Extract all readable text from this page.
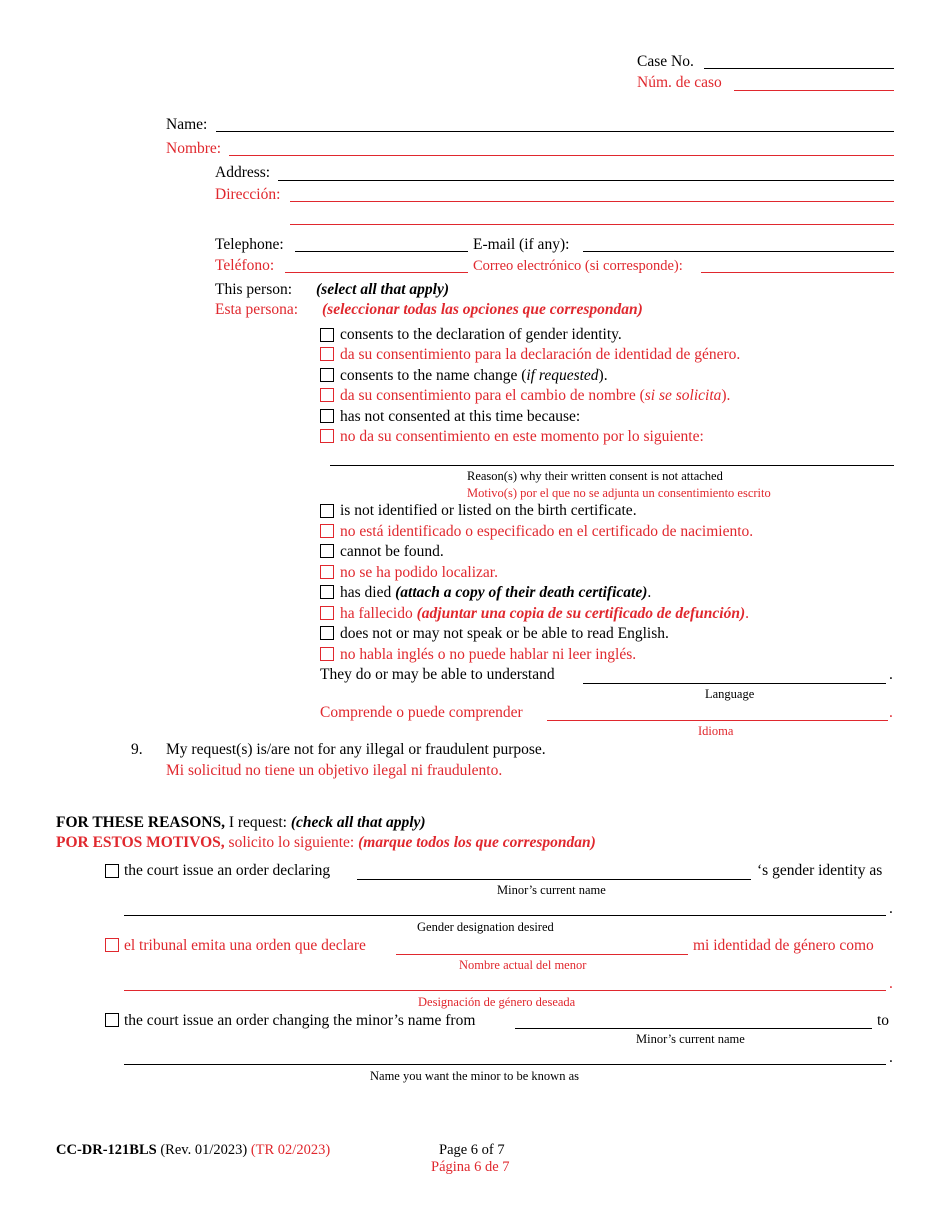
Case No.
Núm. de caso
Name:
Nombre:
Address:
Dirección:
Telephone:	E-mail (if any):
Teléfono:	Correo electrónico (si corresponde):
This person: (select all that apply)
Esta persona: (seleccionar todas las opciones que correspondan)
consents to the declaration of gender identity.
da su consentimiento para la declaración de identidad de género.
consents to the name change (if requested).
da su consentimiento para el cambio de nombre (si se solicita).
has not consented at this time because:
no da su consentimiento en este momento por lo siguiente:
Reason(s) why their written consent is not attached
Motivo(s) por el que no se adjunta un consentimiento escrito
is not identified or listed on the birth certificate.
no está identificado o especificado en el certificado de nacimiento.
cannot be found.
no se ha podido localizar.
has died (attach a copy of their death certificate).
ha fallecido (adjuntar una copia de su certificado de defunción).
does not or may not speak or be able to read English.
no habla inglés o no puede hablar ni leer inglés.
They do or may be able to understand	.
Language
Comprende o puede comprender	.
Idioma
9. My request(s) is/are not for any illegal or fraudulent purpose.
Mi solicitud no tiene un objetivo ilegal ni fraudulento.
FOR THESE REASONS, I request: (check all that apply)
POR ESTOS MOTIVOS, solicito lo siguiente: (marque todos los que correspondan)
the court issue an order declaring	‘s gender identity as
Minor’s current name
.
Gender designation desired
el tribunal emita una orden que declare	mi identidad de género como
Nombre actual del menor
.
Designación de género deseada
the court issue an order changing the minor’s name from	to
Minor’s current name
.
Name you want the minor to be known as
CC-DR-121BLS (Rev. 01/2023) (TR 02/2023)	Page 6 of 7
Página 6 de 7
